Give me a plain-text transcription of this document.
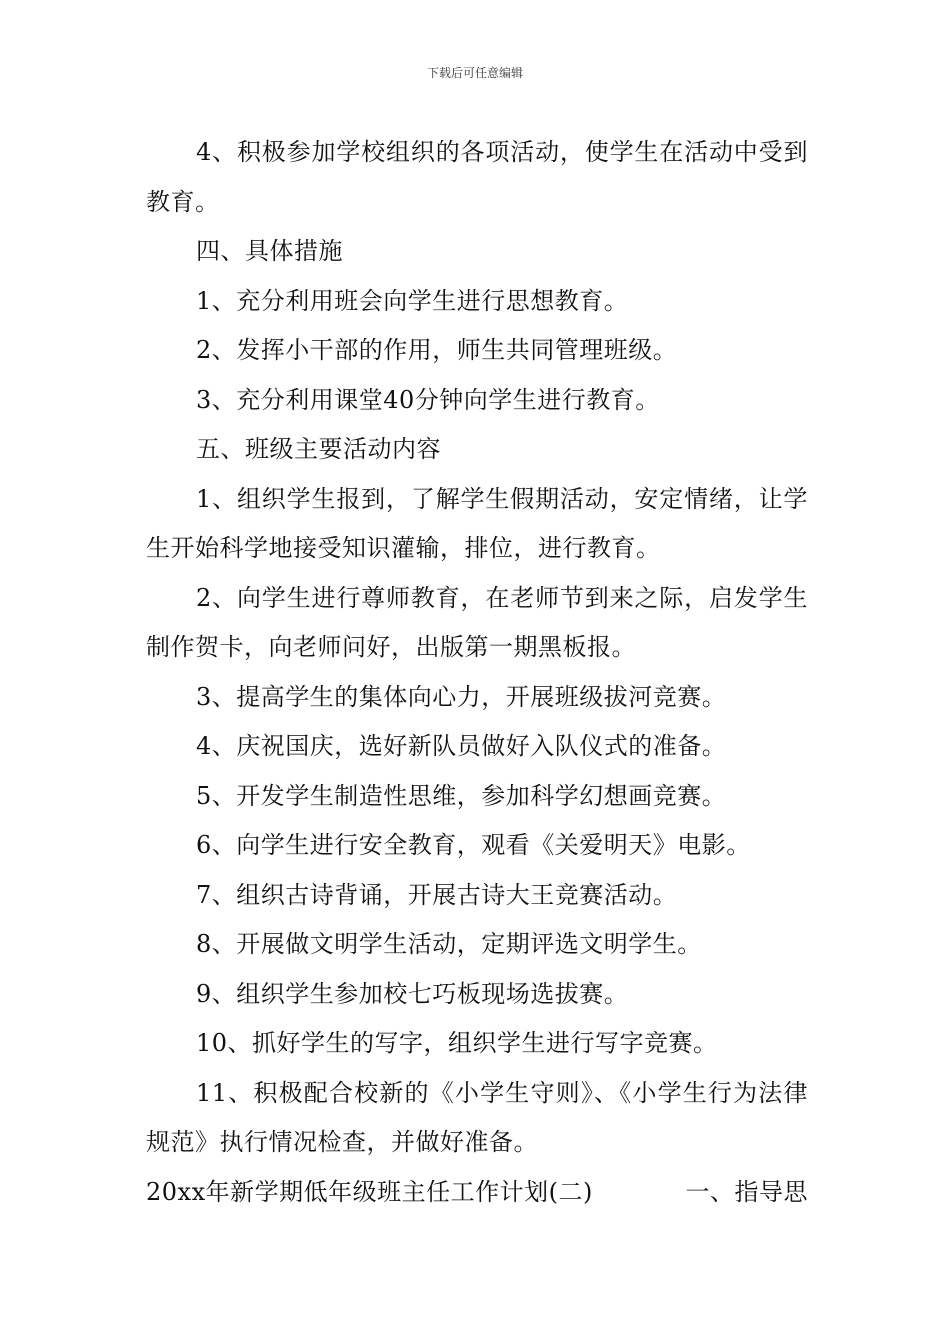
下载后可任意编辑

4、积极参加学校组织的各项活动，使学生在活动中受到教育。

四、具体措施

1、充分利用班会向学生进行思想教育。

2、发挥小干部的作用，师生共同管理班级。

3、充分利用课堂40分钟向学生进行教育。

五、班级主要活动内容

1、组织学生报到，了解学生假期活动，安定情绪，让学生开始科学地接受知识灌输，排位，进行教育。

2、向学生进行尊师教育，在老师节到来之际，启发学生制作贺卡，向老师问好，出版第一期黑板报。

3、提高学生的集体向心力，开展班级拔河竞赛。

4、庆祝国庆，选好新队员做好入队仪式的准备。

5、开发学生制造性思维，参加科学幻想画竞赛。

6、向学生进行安全教育，观看《关爱明天》电影。

7、组织古诗背诵，开展古诗大王竞赛活动。

8、开展做文明学生活动，定期评选文明学生。

9、组织学生参加校七巧板现场选拔赛。

10、抓好学生的写字，组织学生进行写字竞赛。

11、积极配合校新的《小学生守则》、《小学生行为法律规范》执行情况检查，并做好准备。

20xx年新学期低年级班主任工作计划(二)	一、指导思
